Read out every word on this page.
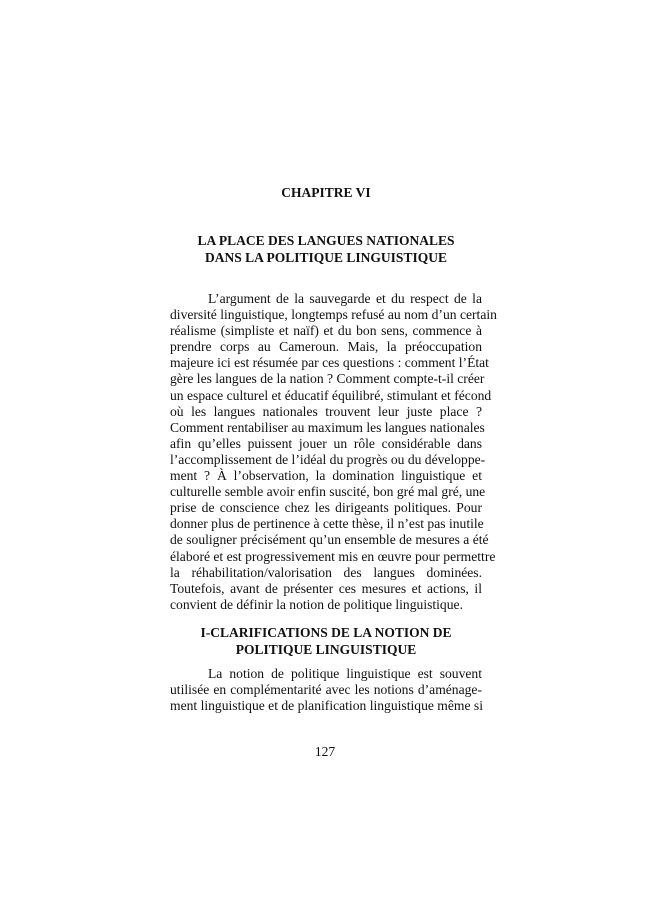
CHAPITRE VI
LA PLACE DES LANGUES NATIONALES
DANS LA POLITIQUE LINGUISTIQUE

L’argument de la sauvegarde et du respect de la
diversité linguistique, longtemps refusé au nom d’un certain
réalisme (simpliste et naïf) et du bon sens, commence à
prendre corps au Cameroun. Mais, la préoccupation
majeure ici est résumée par ces questions : comment l’État
gère les langues de la nation ? Comment compte-t-il créer
un espace culturel et éducatif équilibré, stimulant et fécond
où les langues nationales trouvent leur juste place ?
Comment rentabiliser au maximum les langues nationales
afin qu’elles puissent jouer un rôle considérable dans
l’accomplissement de l’idéal du progrès ou du développe-
ment ? À l’observation, la domination linguistique et
culturelle semble avoir enfin suscité, bon gré mal gré, une
prise de conscience chez les dirigeants politiques. Pour
donner plus de pertinence à cette thèse, il n’est pas inutile
de souligner précisément qu’un ensemble de mesures a été
élaboré et est progressivement mis en œuvre pour permettre
la réhabilitation/valorisation des langues dominées.
Toutefois, avant de présenter ces mesures et actions, il
convient de définir la notion de politique linguistique.

I-CLARIFICATIONS DE LA NOTION DE
POLITIQUE LINGUISTIQUE

La notion de politique linguistique est souvent
utilisée en complémentarité avec les notions d’aménage-
ment linguistique et de planification linguistique même si

127
